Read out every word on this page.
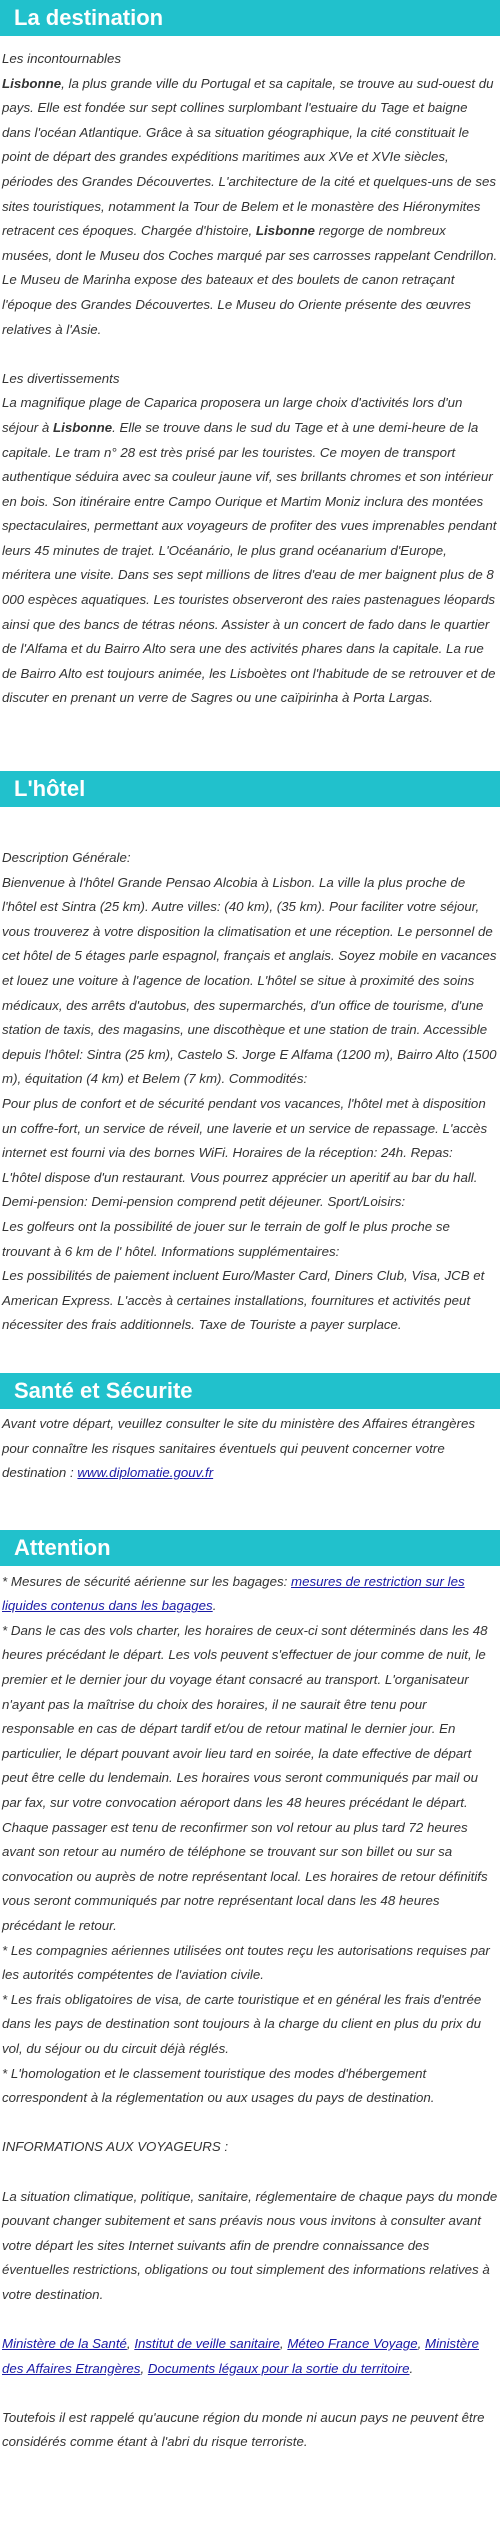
La destination

Les incontournables

Lisbonne, la plus grande ville du Portugal et sa capitale, se trouve au sud-ouest du pays. Elle est fondée sur sept collines surplombant l'estuaire du Tage et baigne dans l'océan Atlantique. Grâce à sa situation géographique, la cité constituait le point de départ des grandes expéditions maritimes aux XVe et XVIe siècles, périodes des Grandes Découvertes. L'architecture de la cité et quelques-uns de ses sites touristiques, notamment la Tour de Belem et le monastère des Hiéronymites retracent ces époques. Chargée d'histoire, Lisbonne regorge de nombreux musées, dont le Museu dos Coches marqué par ses carrosses rappelant Cendrillon. Le Museu de Marinha expose des bateaux et des boulets de canon retraçant l'époque des Grandes Découvertes. Le Museu do Oriente présente des œuvres relatives à l'Asie.

Les divertissements

La magnifique plage de Caparica proposera un large choix d'activités lors d'un séjour à Lisbonne. Elle se trouve dans le sud du Tage et à une demi-heure de la capitale. Le tram n° 28 est très prisé par les touristes. Ce moyen de transport authentique séduira avec sa couleur jaune vif, ses brillants chromes et son intérieur en bois. Son itinéraire entre Campo Ourique et Martim Moniz inclura des montées spectaculaires, permettant aux voyageurs de profiter des vues imprenables pendant leurs 45 minutes de trajet. L'Océanário, le plus grand océanarium d'Europe, méritera une visite. Dans ses sept millions de litres d'eau de mer baignent plus de 8 000 espèces aquatiques. Les touristes observeront des raies pastenagues léopards ainsi que des bancs de tétras néons. Assister à un concert de fado dans le quartier de l'Alfama et du Bairro Alto sera une des activités phares dans la capitale. La rue de Bairro Alto est toujours animée, les Lisboètes ont l'habitude de se retrouver et de discuter en prenant un verre de Sagres ou une caïpirinha à Porta Largas.

L'hôtel
Description Générale:
Bienvenue à l'hôtel Grande Pensao Alcobia à Lisbon. La ville la plus proche de l'hôtel est Sintra (25 km). Autre villes: (40 km), (35 km). Pour faciliter votre séjour, vous trouverez à votre disposition la climatisation et une réception. Le personnel de cet hôtel de 5 étages parle espagnol, français et anglais. Soyez mobile en vacances et louez une voiture à l'agence de location. L'hôtel se situe à proximité des soins médicaux, des arrêts d'autobus, des supermarchés, d'un office de tourisme, d'une station de taxis, des magasins, une discothèque et une station de train. Accessible depuis l'hôtel: Sintra (25 km), Castelo S. Jorge E Alfama (1200 m), Bairro Alto (1500 m), équitation (4 km) et Belem (7 km). Commodités:
Pour plus de confort et de sécurité pendant vos vacances, l'hôtel met à disposition un coffre-fort, un service de réveil, une laverie et un service de repassage. L'accès internet est fourni via des bornes WiFi. Horaires de la réception: 24h. Repas:
L'hôtel dispose d'un restaurant. Vous pourrez apprécier un aperitif au bar du hall. Demi-pension: Demi-pension comprend petit déjeuner. Sport/Loisirs:
Les golfeurs ont la possibilité de jouer sur le terrain de golf le plus proche se trouvant à 6 km de l' hôtel. Informations supplémentaires:
Les possibilités de paiement incluent Euro/Master Card, Diners Club, Visa, JCB et American Express. L'accès à certaines installations, fournitures et activités peut nécessiter des frais additionnels. Taxe de Touriste a payer surplace.
Santé et Sécurite

Avant votre départ, veuillez consulter le site du ministère des Affaires étrangères pour connaître les risques sanitaires éventuels qui peuvent concerner votre destination : www.diplomatie.gouv.fr

Attention

* Mesures de sécurité aérienne sur les bagages: mesures de restriction sur les liquides contenus dans les bagages.

* Dans le cas des vols charter, les horaires de ceux-ci sont déterminés dans les 48 heures précédant le départ. Les vols peuvent s'effectuer de jour comme de nuit, le premier et le dernier jour du voyage étant consacré au transport. L'organisateur n'ayant pas la maîtrise du choix des horaires, il ne saurait être tenu pour responsable en cas de départ tardif et/ou de retour matinal le dernier jour. En particulier, le départ pouvant avoir lieu tard en soirée, la date effective de départ peut être celle du lendemain. Les horaires vous seront communiqués par mail ou par fax, sur votre convocation aéroport dans les 48 heures précédant le départ. Chaque passager est tenu de reconfirmer son vol retour au plus tard 72 heures avant son retour au numéro de téléphone se trouvant sur son billet ou sur sa convocation ou auprès de notre représentant local. Les horaires de retour définitifs vous seront communiqués par notre représentant local dans les 48 heures précédant le retour.

* Les compagnies aériennes utilisées ont toutes reçu les autorisations requises par les autorités compétentes de l'aviation civile.

* Les frais obligatoires de visa, de carte touristique et en général les frais d'entrée dans les pays de destination sont toujours à la charge du client en plus du prix du vol, du séjour ou du circuit déjà réglés.

* L'homologation et le classement touristique des modes d'hébergement correspondent à la réglementation ou aux usages du pays de destination.

INFORMATIONS AUX VOYAGEURS :

La situation climatique, politique, sanitaire, réglementaire de chaque pays du monde pouvant changer subitement et sans préavis nous vous invitons à consulter avant votre départ les sites Internet suivants afin de prendre connaissance des éventuelles restrictions, obligations ou tout simplement des informations relatives à votre destination.

Ministère de la Santé, Institut de veille sanitaire, Méteo France Voyage, Ministère des Affaires Etrangères, Documents légaux pour la sortie du territoire.

Toutefois il est rappelé qu'aucune région du monde ni aucun pays ne peuvent être considérés comme étant à l'abri du risque terroriste.
